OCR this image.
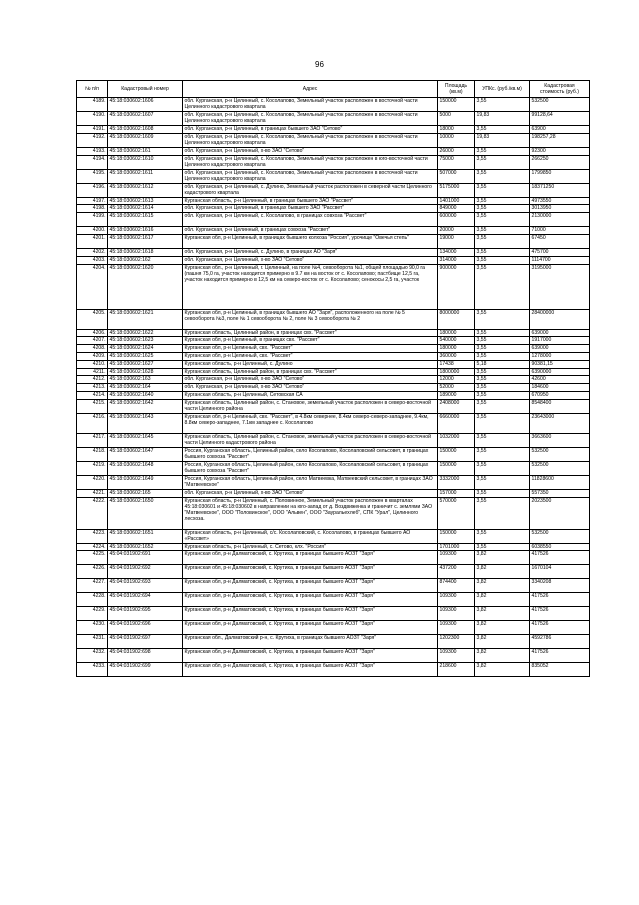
96
№ п/п	Кадастровый номер	Адрес	Площадь (кв.м)	УПКс. (руб./кв.м)	Кадастровая стоимость (руб.)
4189.	45:18:030602:1606	обл. Курганская, р-н Целинный, с. Косолапово, Земельный участок расположен в восточной части Целинного кадастрового квартала	150000	3,55	532500
4190.	45:18:030602:1607	обл. Курганская, р-н Целинный, с. Косолапово, Земельный участок расположен в восточной части Целинного кадастрового квартала	5000	19,83	99128,64
4191.	45:18:030602:1608	обл. Курганская, р-н Целинный, в границах бывшего ЗАО "Сетово"	18000	3,55	63900
4192.	45:18:030602:1609	обл. Курганская, р-н Целинный, с. Косолапово, Земельный участок расположен в восточной части Целинного кадастрового квартала	10000	19,83	198257,28
4193.	45:18:030602:161	обл. Курганская, р-н Целинный, х-во ЗАО "Сетово"	26000	3,55	92300
4194.	45:18:030602:1610	обл. Курганская, р-н Целинный, с. Косолапово, Земельный участок расположен в юго-восточной части Целинного кадастрового квартала	75000	3,55	266250
4195.	45:18:030602:1611	обл. Курганская, р-н Целинный, с. Косолапово, Земельный участок расположен в восточной части Целинного кадастрового квартала	507000	3,55	1799850
4196.	45:18:030602:1612	обл. Курганская, р-н Целинный, с. Дулино, Земельный участок расположен в северной части Целинного кадастрового квартала	5175000	3,55	18371250
4197.	45:18:030602:1613	Курганская область, р-н Целинный, в границах бывшего ЗАО "Рассвет"	1401000	3,55	4973550
4198.	45:18:030602:1614	обл. Курганская, р-н Целинный, в границах бывшего ЗАО "Рассвет"	849000	3,55	3013950
4199.	45:18:030602:1615	обл. Курганская, р-н Целинный, с. Косолапово, в границах совхоза "Рассвет"	600000	3,55	2130000
4200.	45:18:030602:1616	обл. Курганская, р-н Целинный, в границах совхоза "Рассвет"	20000	3,55	71000
4201.	45:18:030602:1617	Курганская обл, р-н Целинный, в границах бывшего колхоза "Россия", урочище "Овечья степь"	19000	3,55	67450
4202.	45:18:030602:1618	обл. Курганская, р-н Целинный, с. Дулино, в границах АО "Заря"	134000	3,55	475700
4203.	45:18:030602:162	обл. Курганская, р-н Целинный, х-во ЗАО "Сетово"	314000	3,55	1114700
4204.	45:18:030602:1620	Курганская обл., р-н Целинный, г. Целинный, на поле №4, севооборота №1, общей площадью 90,0 га (пашня 75,0 га, участок находится примерно в 9.7 км на восток от с. Косолапово; пастбище 12,5 га, участок находится примерно в 12,5 км на северо-восток от с. Косолапово; сенокосы 2,5 га, участок	900000	3,55	3195000
4205.	45:18:030602:1621	Курганская обл, р-н Целинный, в границах бывшего АО "Заря", расположенного на поле № 5 севооборота №3, поле № 1 севооборота № 2, поле № 3 севооборота № 2	8000000	3,55	28400000
4206.	45:18:030602:1622	Курганская область, Целинный район, в границах свх. "Рассвет"	180000	3,55	639000
4207.	45:18:030602:1623	Курганская обл, р-н Целинный, в границах свх. "Рассвет"	540000	3,55	1917000
4208.	45:18:030602:1624	Курганская обл, р-н Целинный, свх. "Рассвет"	180000	3,55	639000
4209.	45:18:030602:1625	Курганская обл, р-н Целинный, свх. "Рассвет"	360000	3,55	1278000
4210.	45:18:030602:1627	Курганская область, р-н Целинный, с. Дулино	17438	5,18	90381,15
4211.	45:18:030602:1628	Курганская область, Целинный район, в границах свх. "Рассвет"	1800000	3,55	6390000
4212.	45:18:030602:163	обл. Курганская, р-н Целинный, х-во ЗАО "Сетово"	12000	3,55	42600
4213.	45:18:030602:164	обл. Курганская, р-н Целинный, х-во ЗАО "Сетово"	52000	3,55	184600
4214.	45:18:030602:1640	Курганская область, р-н Целинный, Сетовская СА	189000	3,55	670950
4215.	45:18:030602:1642	Курганская область, Целинный район, с. Становое, земельный участок расположен в северо-восточной части Целинного района	2408000	3,55	8548400
4216.	45:18:030602:1643	Курганская обл, р-н Целинный, свх. "Рассвет", в 4.8км севернее, 8.4км северо-северо-западнее, 9.4км, 8.8км северо-западнее, 7.1км западнее с. Косолапово	6660000	3,55	23643000
4217.	45:18:030602:1645	Курганская область, Целинный район, с. Становое, земельный участок расположен в северо-восточной части Целинного кадастрового района	1032000	3,55	3663600
4218.	45:18:030602:1647	Россия, Курганская область, Целинный район, село Косолапово, Косолаповский сельсовет, в границах бывшего совхоза "Рассвет"	150000	3,55	532500
4219.	45:18:030602:1648	Россия, Курганская область, Целинный район, село Косолапово, Косолаповский сельсовет, в границах бывшего совхоза "Рассвет"	150000	3,55	532500
4220.	45:18:030602:1649	Россия, Курганская область, Целинный район, село Матвеевка, Матвеевский сельсовет, в границах ЗАО "Матвеевское"	3332000	3,55	11828600
4221.	45:18:030602:165	обл. Курганская, р-н Целинный, х-во ЗАО "Сетово"	157000	3,55	557350
4222.	45:18:030602:1650	Курганская область, р-н Целинный, с. Половинное, Земельный участок расположен в кварталах 45:18:030601 и 45:18:030602 в направлении на юго-запад от д. Воздвиженка и граничит с. землями ЗАО "Матвеевское", ООО "Половинское", ООО "Альвен", ООО "Зауральехлеб", СПК "Урал", Целинного лесхоза.	570000	3,55	2023500
4223.	45:18:030602:1651	Курганская область, р-н Целинный, с/с. Косолаповский, с. Косолапово, в границах бывшего АО «Рассвет»	150000	3,55	532500
4224.	45:18:030602:1652	Курганская область, р-н Целинный, с. Сетово, клх. "Россия"	1701000	3,55	6038550
4225.	45:04:031902:691	Курганская обл, р-н Далматовский, с. Крутиха, в границах бывшего АОЗТ "Заря"	109300	3,82	417526
4226.	45:04:031902:692	Курганская обл, р-н Далматовский, с. Крутиха, в границах бывшего АОЗТ "Заря"	437200	3,82	1670104
4227.	45:04:031902:693	Курганская обл, р-н Далматовский, с. Крутиха, в границах бывшего АОЗТ "Заря"	874400	3,82	3340208
4228.	45:04:031902:694	Курганская обл, р-н Далматовский, с. Крутиха, в границах бывшего АОЗТ "Заря"	109300	3,82	417526
4229.	45:04:031902:695	Курганская обл, р-н Далматовский, с. Крутиха, в границах бывшего АОЗТ "Заря"	109300	3,82	417526
4230.	45:04:031902:696	Курганская обл, р-н Далматовский, с. Крутиха, в границах бывшего АОЗТ "Заря"	109300	3,82	417526
4231.	45:04:031902:697	Курганская обл., Далматовский р-н, с. Крутиха, в границах бывшего АОЗТ "Заря"	1202300	3,82	4592786
4232.	45:04:031902:698	Курганская обл, р-н Далматовский, с. Крутиха, в границах бывшего АОЗТ "Заря"	109300	3,82	417526
4233.	45:04:031902:699	Курганская обл, р-н Далматовский, с. Крутиха, в границах бывшего АОЗТ "Заря"	218600	3,82	835052
